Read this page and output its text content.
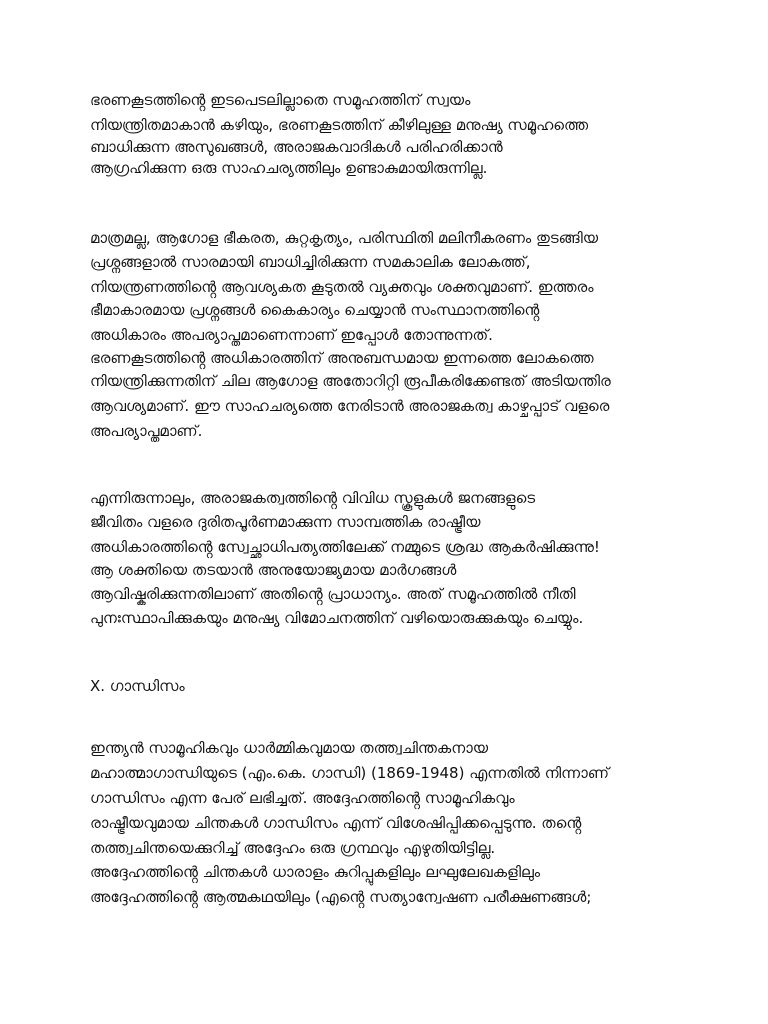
ഭരണകൂടത്തിൻ്റെ ഇടപെടലില്ലാതെ സമൂഹത്തിന് സ്വയം
നിയന്ത്രിതമാകാൻ കഴിയും, ഭരണകൂടത്തിന് കീഴിലുള്ള മനുഷ്യ സമൂഹത്തെ
ബാധിക്കുന്ന അസുഖങ്ങൾ, അരാജകവാദികൾ പരിഹരിക്കാൻ
ആഗ്രഹിക്കുന്ന ഒരു സാഹചര്യത്തിലും ഉണ്ടാകുമായിരുന്നില്ല.
മാത്രമല്ല, ആഗോള ഭീകരത, കുറ്റകൃത്യം, പരിസ്ഥിതി മലിനീകരണം തുടങ്ങിയ
പ്രശ്നങ്ങളാൽ സാരമായി ബാധിച്ചിരിക്കുന്ന സമകാലിക ലോകത്ത്,
നിയന്ത്രണത്തിൻ്റെ ആവശ്യകത കൂടുതൽ വ്യക്തവും ശക്തവുമാണ്. ഇത്തരം
ഭീമാകാരമായ പ്രശ്നങ്ങൾ കൈകാര്യം ചെയ്യാൻ സംസ്ഥാനത്തിൻ്റെ
അധികാരം അപര്യാപ്തമാണെന്നാണ് ഇപ്പോൾ തോന്നുന്നത്.
ഭരണകൂടത്തിൻ്റെ അധികാരത്തിന് അനുബന്ധമായ ഇന്നത്തെ ലോകത്തെ
നിയന്ത്രിക്കുന്നതിന് ചില ആഗോള അതോറിറ്റി രൂപീകരിക്കേണ്ടത് അടിയന്തിര
ആവശ്യമാണ്. ഈ സാഹചര്യത്തെ നേരിടാൻ അരാജകത്വ കാഴ്ചപ്പാട് വളരെ
അപര്യാപ്തമാണ്.
എന്നിരുന്നാലും, അരാജകത്വത്തിൻ്റെ വിവിധ സ്കൂളുകൾ ജനങ്ങളുടെ
ജീവിതം വളരെ ദുരിതപൂർണമാക്കുന്ന സാമ്പത്തിക രാഷ്ട്രീയ
അധികാരത്തിൻ്റെ സ്വേച്ഛാധിപത്യത്തിലേക്ക് നമ്മുടെ ശ്രദ്ധ ആകർഷിക്കുന്നു!
ആ ശക്തിയെ തടയാൻ അനുയോജ്യമായ മാർഗങ്ങൾ
ആവിഷ്കരിക്കുന്നതിലാണ് അതിൻ്റെ പ്രാധാന്യം. അത് സമൂഹത്തിൽ നീതി
പുനഃസ്ഥാപിക്കുകയും മനുഷ്യ വിമോചനത്തിന് വഴിയൊരുക്കുകയും ചെയ്യും.
X. ഗാന്ധിസം
ഇന്ത്യൻ സാമൂഹികവും ധാർമ്മികവുമായ തത്ത്വചിന്തകനായ
മഹാത്മാഗാന്ധിയുടെ (എം.കെ. ഗാന്ധി) (1869-1948) എന്നതിൽ നിന്നാണ്
ഗാന്ധിസം എന്ന പേര് ലഭിച്ചത്. അദ്ദേഹത്തിൻ്റെ സാമൂഹികവും
രാഷ്ട്രീയവുമായ ചിന്തകൾ ഗാന്ധിസം എന്ന് വിശേഷിപ്പിക്കപ്പെടുന്നു. തൻ്റെ
തത്ത്വചിന്തയെക്കുറിച്ച് അദ്ദേഹം ഒരു ഗ്രന്ഥവും എഴുതിയിട്ടില്ല.
അദ്ദേഹത്തിൻ്റെ ചിന്തകൾ ധാരാളം കുറിപ്പുകളിലും ലഘുലേഖകളിലും
അദ്ദേഹത്തിൻ്റെ ആത്മകഥയിലും (എൻ്റെ സത്യാന്വേഷണ പരീക്ഷണങ്ങൾ;
